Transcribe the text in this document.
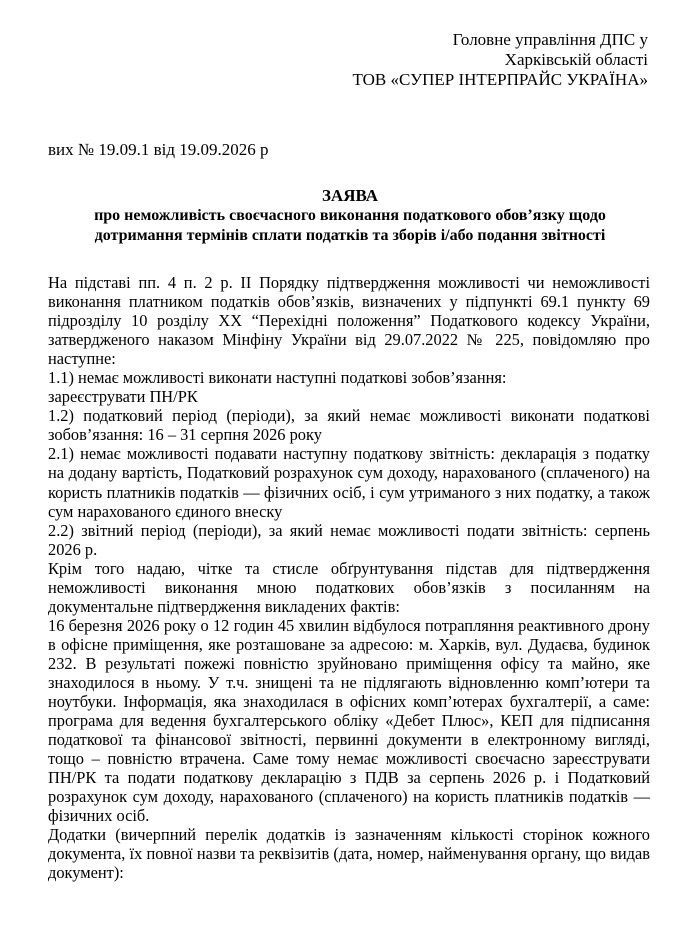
Головне управління ДПС у
Харківській області
ТОВ «СУПЕР ІНТЕРПРАЙС УКРАЇНА»
вих № 19.09.1 від 19.09.2026 р
ЗАЯВА
про неможливість своєчасного виконання податкового обов’язку щодо
дотримання термінів сплати податків та зборів і/або подання звітності

На підставі пп. 4 п. 2 р. ІІ Порядку підтвердження можливості чи неможливості виконання платником податків обов’язків, визначених у підпункті 69.1 пункту 69 підрозділу 10 розділу XX “Перехідні положення” Податкового кодексу України, затвердженого наказом Мінфіну України від 29.07.2022 № 225, повідомляю про наступне:

1.1) немає можливості виконати наступні податкові зобов’язання:

зареєструвати ПН/РК

1.2) податковий період (періоди), за який немає можливості виконати податкові зобов’язання: 16 – 31 серпня 2026 року

2.1) немає можливості подавати наступну податкову звітність: декларація з податку на додану вартість, Податковий розрахунок сум доходу, нарахованого (сплаченого) на користь платників податків — фізичних осіб, і сум утриманого з них податку, а також сум нарахованого єдиного внеску

2.2) звітний період (періоди), за який немає можливості подати звітність: серпень 2026 р.

Крім того надаю, чітке та стисле обґрунтування підстав для підтвердження неможливості виконання мною податкових обов’язків з посиланням на документальне підтвердження викладених фактів:

16 березня 2026 року о 12 годин 45 хвилин відбулося потрапляння реактивного дрону в офісне приміщення, яке розташоване за адресою: м. Харків, вул. Дудаєва, будинок 232. В результаті пожежі повністю зруйновано приміщення офісу та майно, яке знаходилося в ньому. У т.ч. знищені та не підлягають відновленню комп’ютери та ноутбуки. Інформація, яка знаходилася в офісних комп’ютерах бухгалтерії, а саме: програма для ведення бухгалтерського обліку «Дебет Плюс», КЕП для підписання податкової та фінансової звітності, первинні документи в електронному вигляді, тощо – повністю втрачена. Саме тому немає можливості своєчасно зареєструвати ПН/РК та подати податкову декларацію з ПДВ за серпень 2026 р. і Податковий розрахунок сум доходу, нарахованого (сплаченого) на користь платників податків — фізичних осіб.

Додатки (вичерпний перелік додатків із зазначенням кількості сторінок кожного документа, їх повної назви та реквізитів (дата, номер, найменування органу, що видав документ):
